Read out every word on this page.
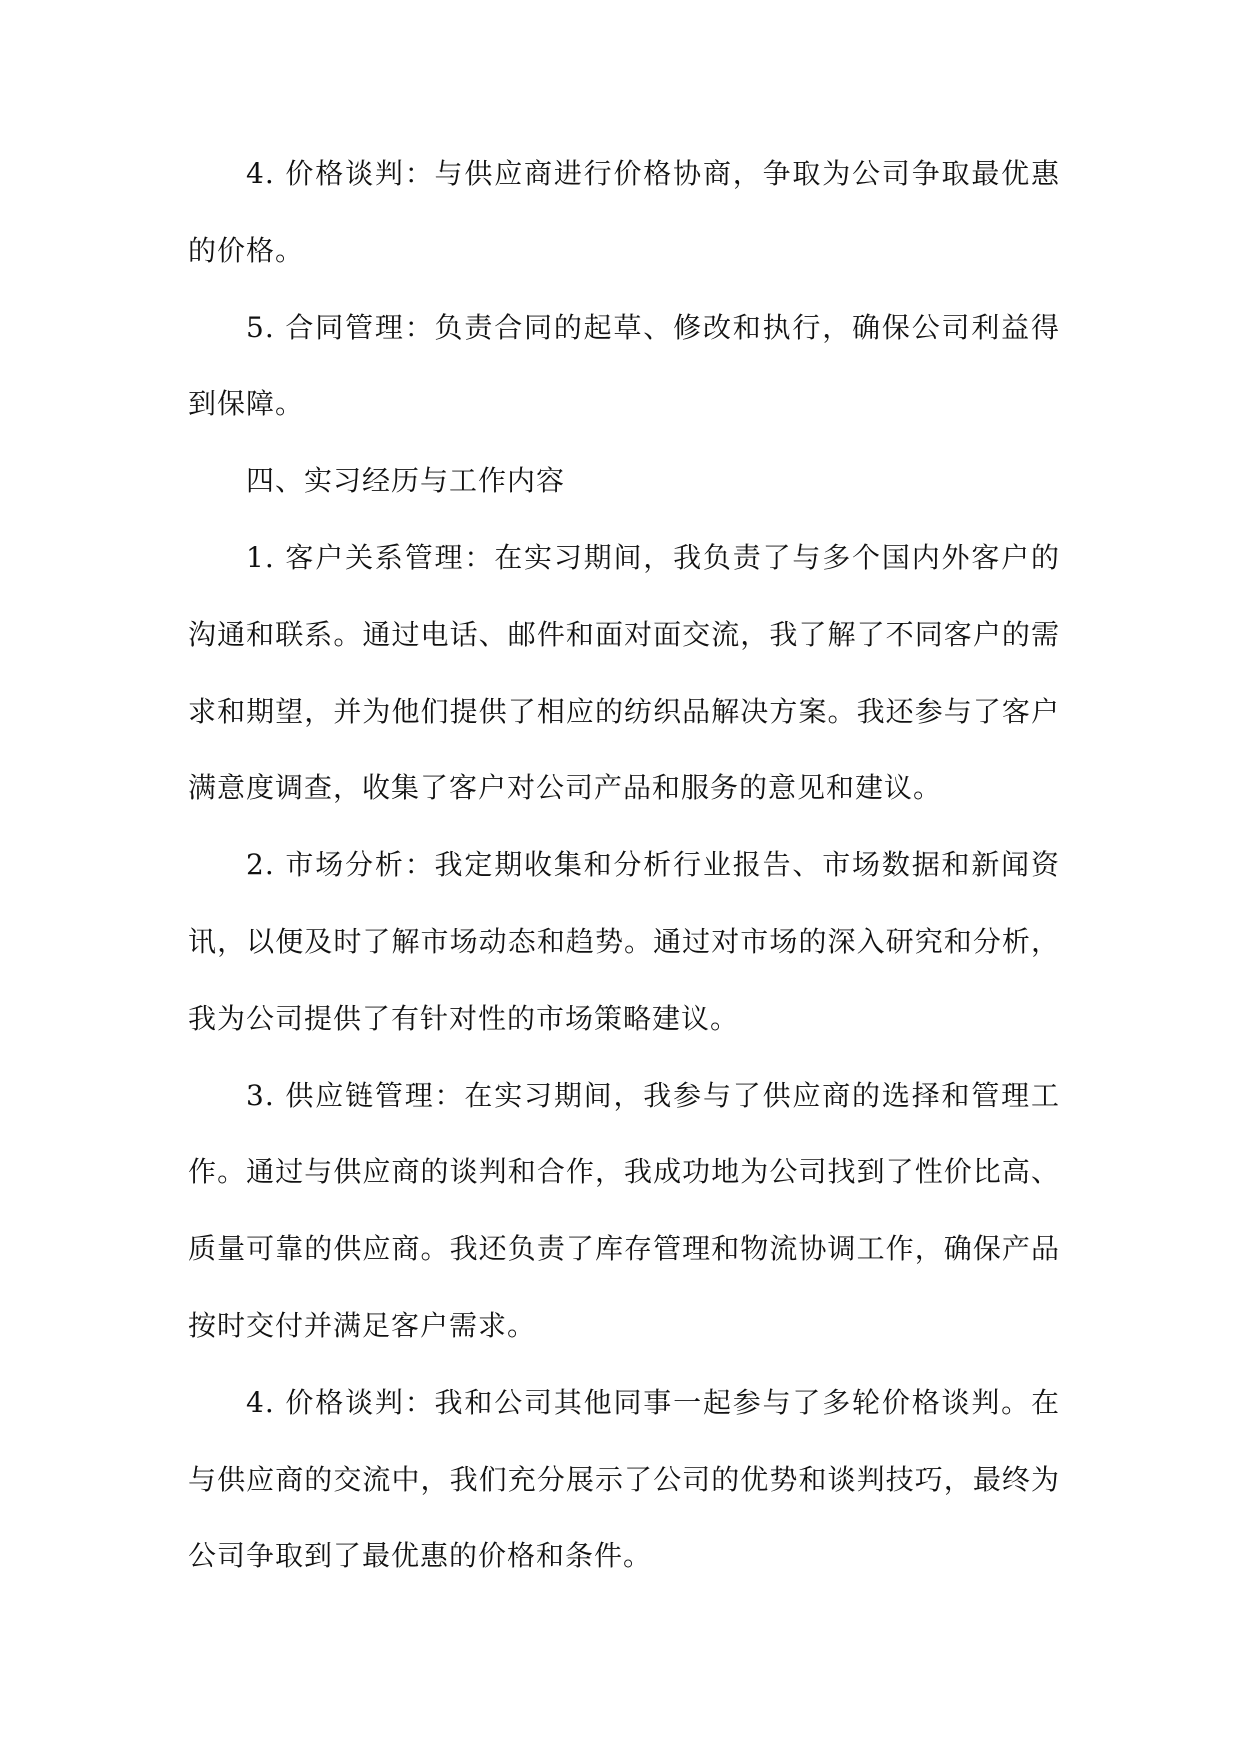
4. 价格谈判：与供应商进行价格协商，争取为公司争取最优惠的价格。

5. 合同管理：负责合同的起草、修改和执行，确保公司利益得到保障。

四、实习经历与工作内容

1. 客户关系管理：在实习期间，我负责了与多个国内外客户的沟通和联系。通过电话、邮件和面对面交流，我了解了不同客户的需求和期望，并为他们提供了相应的纺织品解决方案。我还参与了客户满意度调查，收集了客户对公司产品和服务的意见和建议。

2. 市场分析：我定期收集和分析行业报告、市场数据和新闻资讯，以便及时了解市场动态和趋势。通过对市场的深入研究和分析，我为公司提供了有针对性的市场策略建议。

3. 供应链管理：在实习期间，我参与了供应商的选择和管理工作。通过与供应商的谈判和合作，我成功地为公司找到了性价比高、质量可靠的供应商。我还负责了库存管理和物流协调工作，确保产品按时交付并满足客户需求。

4. 价格谈判：我和公司其他同事一起参与了多轮价格谈判。在与供应商的交流中，我们充分展示了公司的优势和谈判技巧，最终为公司争取到了最优惠的价格和条件。
